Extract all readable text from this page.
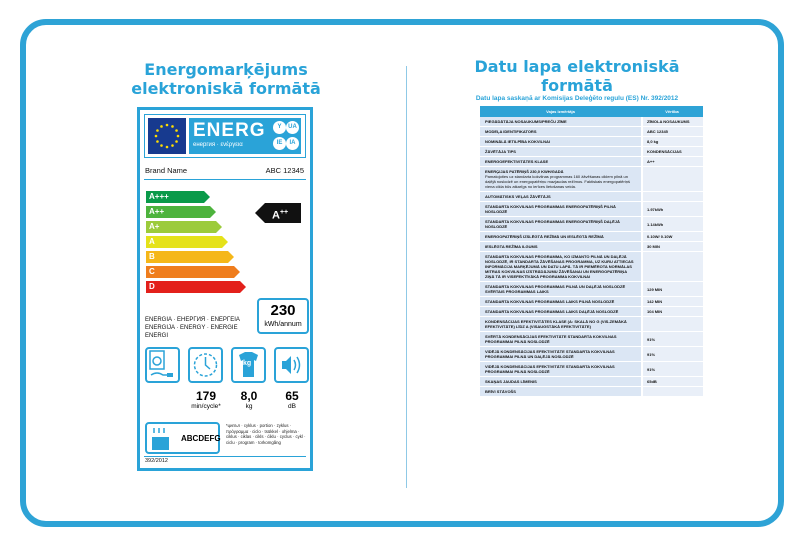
Energomarķējums elektroniskā formātā
Datu lapa elektroniskā formātā
Datu lapa saskaņā ar Komisijas Deleģēto regulu (ES) Nr. 392/2012
ENERG
енергия · ενέργεια
Y	UA
IE	IA
Brand Name	ABC 12345
A+++
A++
A+
A
B
C
D
A++
ENERGIA · ЕНЕРГИЯ · ΕΝΕΡΓΕΙΑ ENERGIJA · ENERGY · ENERGIE ENERGI
230
kWh/annum
kg
179
min/cycle*
8,0
kg
65
dB
ABCDEFG
*ципъл · cyklus · portion · zyklus · πρόγραμμα · ciclo · tsükkel · ohjelma · ciklus · ciklas · cikls · ċiklu · cyclus · cykl · ciclu · program · torkomgång
392/2012
Vajas Izmērtāja	Vērtība
PIEGĀDĀTĀJA NOSAUKUMS/PREČU ZĪME	ZĪMOLA NOSAUKUMS
MODEĻA IDENTIFIKATORS	ABC 12345
NOMINĀLĀ IETILPĪBA KOKVILNAI	8,0 kg
ŽĀVĒTĀJA TIPS	KONDENSĀCIJAS
ENERGOEFEKTIVITĀTES KLASE	A++
ENERĢIJAS PATĒRIŅŠ 230,0 KWH/GADĀ
Pamatojoties uz standarta kokvilnas programmas 160 žāvēšanas ciklem pilnā un daļējā noslodzē un energopatēriņu mazjaudas režīmos. Faktiskais energopatēriņš viena cikla būs atkarīgs no ierīces lietošanas veida.
AUTOMĀTISKS VEĻAS ŽĀVĒTĀJS
STANDARTA KOKVILNAS PROGRAMMAS ENERGOPATĒRIŅŠ PILNĀ NOSLODZĒ	1.97kWh
STANDARTA KOKVILNAS PROGRAMMAS ENERGOPATĒRIŅŠ DAĻĒJĀ NOSLODZĒ	1.14kWh
ENERGOPATĒRIŅŠ IZSLĒGTĀ REŽĪMĀ UN IESLĒGTĀ REŽĪMĀ	0.10W/ 0.10W
IESLĒGTA REŽĪMA ILGUMS	30 MIN
STANDARTA KOKVILNAS PROGRAMMA, KO IZMANTO PILNĀ UN DAĻĒJĀ NOSLODZĒ, IR STANDARTA ŽĀVĒŠANAS PROGRAMMA, UZ KURU ATTIECAS INFORMĀCIJA MARĶĒJUMĀ UN DATU LAPĀ. TĀ IR PIEMĒROTA NORMĀLAS MITRAS KOKVILNAS IZSTRĀDĀJUMU ŽĀVĒŠANAI UN ENERGOPATĒRIŅA ZIŅĀ TĀ IR VISEFEKTĪVĀKĀ PROGRAMMA KOKVILNAI
STANDARTA KOKVILNAS PROGRAMMAS PILNĀ UN DAĻĒJĀ NOSLODZĒ SVĒRTAIS PROGRAMMAS LAIKS	129 MIN
STANDARTA KOKVILNAS PROGRAMMAS LAIKS PILNĀ NOSLODZĒ	142 MIN
STANDARTA KOKVILNAS PROGRAMMAS LAIKS DAĻĒJĀ NOSLODZĒ	104 MIN
KONDENSĀCIJAS EFEKTIVITĀTES KLASE (A: SKALĀ NO G (VIS-ZEMĀKĀ EFEKTIVITĀTE) LĪDZ A (VISAUGSTĀKĀ EFEKTIVITĀTE)
SVĒRTĀ KONDENSĀCIJAS EFEKTIVITĀTE STANDARTA KOKVILNAS PROGRAMMAI PILNĀ NOSLODZĒ	91%
VIDĒJĀ KONDENSĀCIJAS EFEKTIVITĀTE STANDARTA KOKVILNAS PROGRAMMAI PILNĀ UN DAĻĒJĀ NOSLODZĒ	91%
VIDĒJĀ KONDENSĀCIJAS EFEKTIVITĀTE STANDARTA KOKVILNAS PROGRAMMAI PILNĀ NOSLODZĒ	91%
SKAŅAS JAUDAS LĪMENIS	65dB
BRĪVI STĀVOŠS
